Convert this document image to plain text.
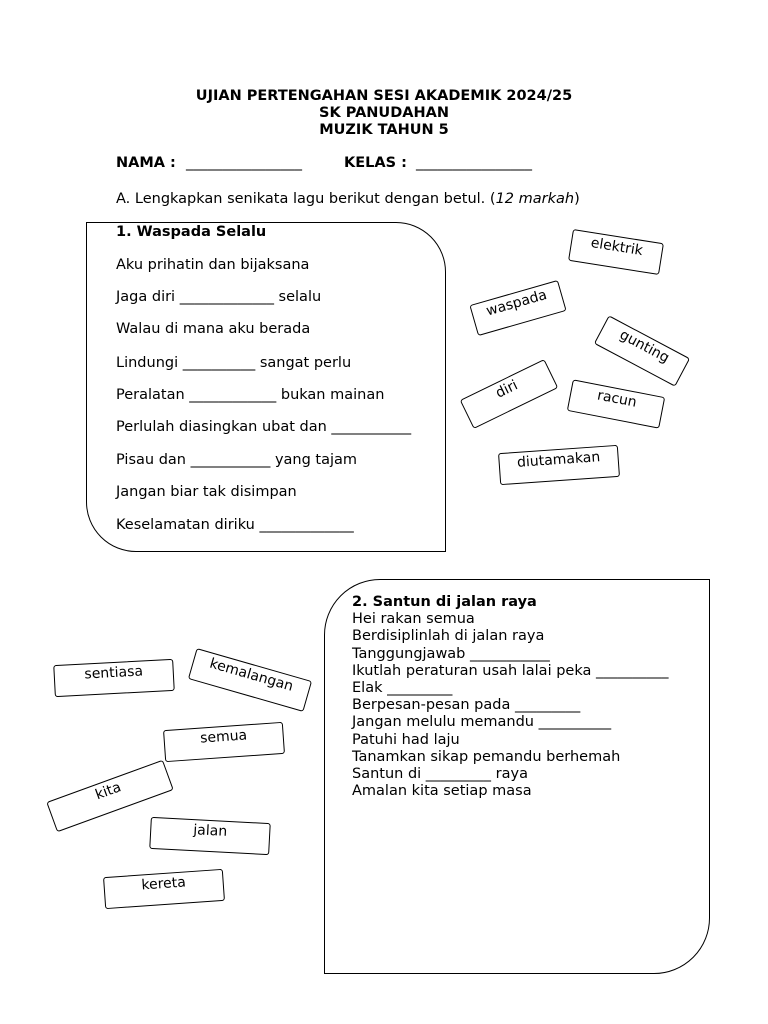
UJIAN PERTENGAHAN SESI AKADEMIK 2024/25
SK PANUDAHAN
MUZIK TAHUN 5
NAMA : ________________	KELAS : ________________
A. Lengkapkan senikata lagu berikut dengan betul. (12 markah)
1. Waspada Selalu
Aku prihatin dan bijaksana
Jaga diri _____________ selalu
Walau di mana aku berada
Lindungi __________ sangat perlu
Peralatan ____________ bukan mainan
Perlulah diasingkan ubat dan ___________
Pisau dan ___________ yang tajam
Jangan biar tak disimpan
Keselamatan diriku _____________
elektrik
waspada
gunting
diri	racun
diutamakan
2. Santun di jalan raya
Hei rakan semua
Berdisiplinlah di jalan raya
Tanggungjawab ___________
Ikutlah peraturan usah lalai peka __________
Elak _________
Berpesan-pesan pada _________
Jangan melulu memandu __________
Patuhi had laju
Tanamkan sikap pemandu berhemah
Santun di _________ raya
Amalan kita setiap masa
sentiasa	kemalangan
semua
kita
jalan
kereta
